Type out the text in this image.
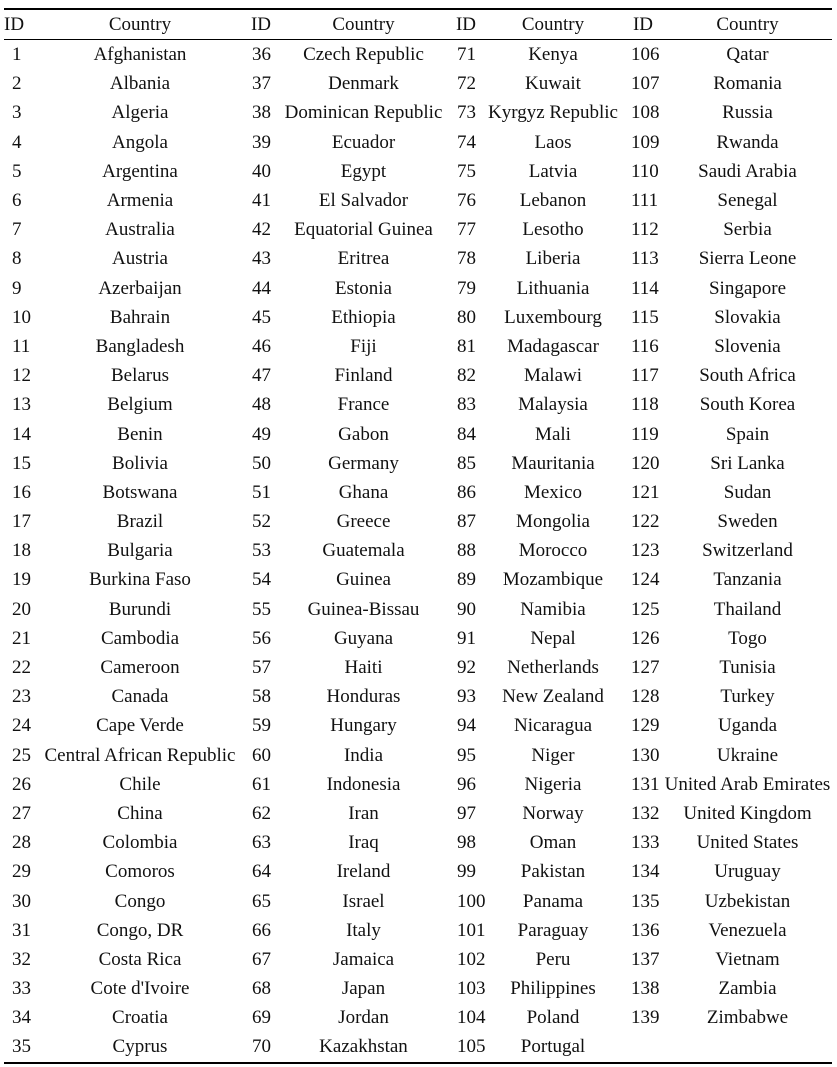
ID	Country	ID	Country	ID	Country	ID	Country
1	Afghanistan	36	Czech Republic	71	Kenya	106	Qatar
2	Albania	37	Denmark	72	Kuwait	107	Romania
3	Algeria	38	Dominican Republic	73	Kyrgyz Republic	108	Russia
4	Angola	39	Ecuador	74	Laos	109	Rwanda
5	Argentina	40	Egypt	75	Latvia	110	Saudi Arabia
6	Armenia	41	El Salvador	76	Lebanon	111	Senegal
7	Australia	42	Equatorial Guinea	77	Lesotho	112	Serbia
8	Austria	43	Eritrea	78	Liberia	113	Sierra Leone
9	Azerbaijan	44	Estonia	79	Lithuania	114	Singapore
10	Bahrain	45	Ethiopia	80	Luxembourg	115	Slovakia
11	Bangladesh	46	Fiji	81	Madagascar	116	Slovenia
12	Belarus	47	Finland	82	Malawi	117	South Africa
13	Belgium	48	France	83	Malaysia	118	South Korea
14	Benin	49	Gabon	84	Mali	119	Spain
15	Bolivia	50	Germany	85	Mauritania	120	Sri Lanka
16	Botswana	51	Ghana	86	Mexico	121	Sudan
17	Brazil	52	Greece	87	Mongolia	122	Sweden
18	Bulgaria	53	Guatemala	88	Morocco	123	Switzerland
19	Burkina Faso	54	Guinea	89	Mozambique	124	Tanzania
20	Burundi	55	Guinea-Bissau	90	Namibia	125	Thailand
21	Cambodia	56	Guyana	91	Nepal	126	Togo
22	Cameroon	57	Haiti	92	Netherlands	127	Tunisia
23	Canada	58	Honduras	93	New Zealand	128	Turkey
24	Cape Verde	59	Hungary	94	Nicaragua	129	Uganda
25	Central African Republic	60	India	95	Niger	130	Ukraine
26	Chile	61	Indonesia	96	Nigeria	131	United Arab Emirates
27	China	62	Iran	97	Norway	132	United Kingdom
28	Colombia	63	Iraq	98	Oman	133	United States
29	Comoros	64	Ireland	99	Pakistan	134	Uruguay
30	Congo	65	Israel	100	Panama	135	Uzbekistan
31	Congo, DR	66	Italy	101	Paraguay	136	Venezuela
32	Costa Rica	67	Jamaica	102	Peru	137	Vietnam
33	Cote d'Ivoire	68	Japan	103	Philippines	138	Zambia
34	Croatia	69	Jordan	104	Poland	139	Zimbabwe
35	Cyprus	70	Kazakhstan	105	Portugal		
